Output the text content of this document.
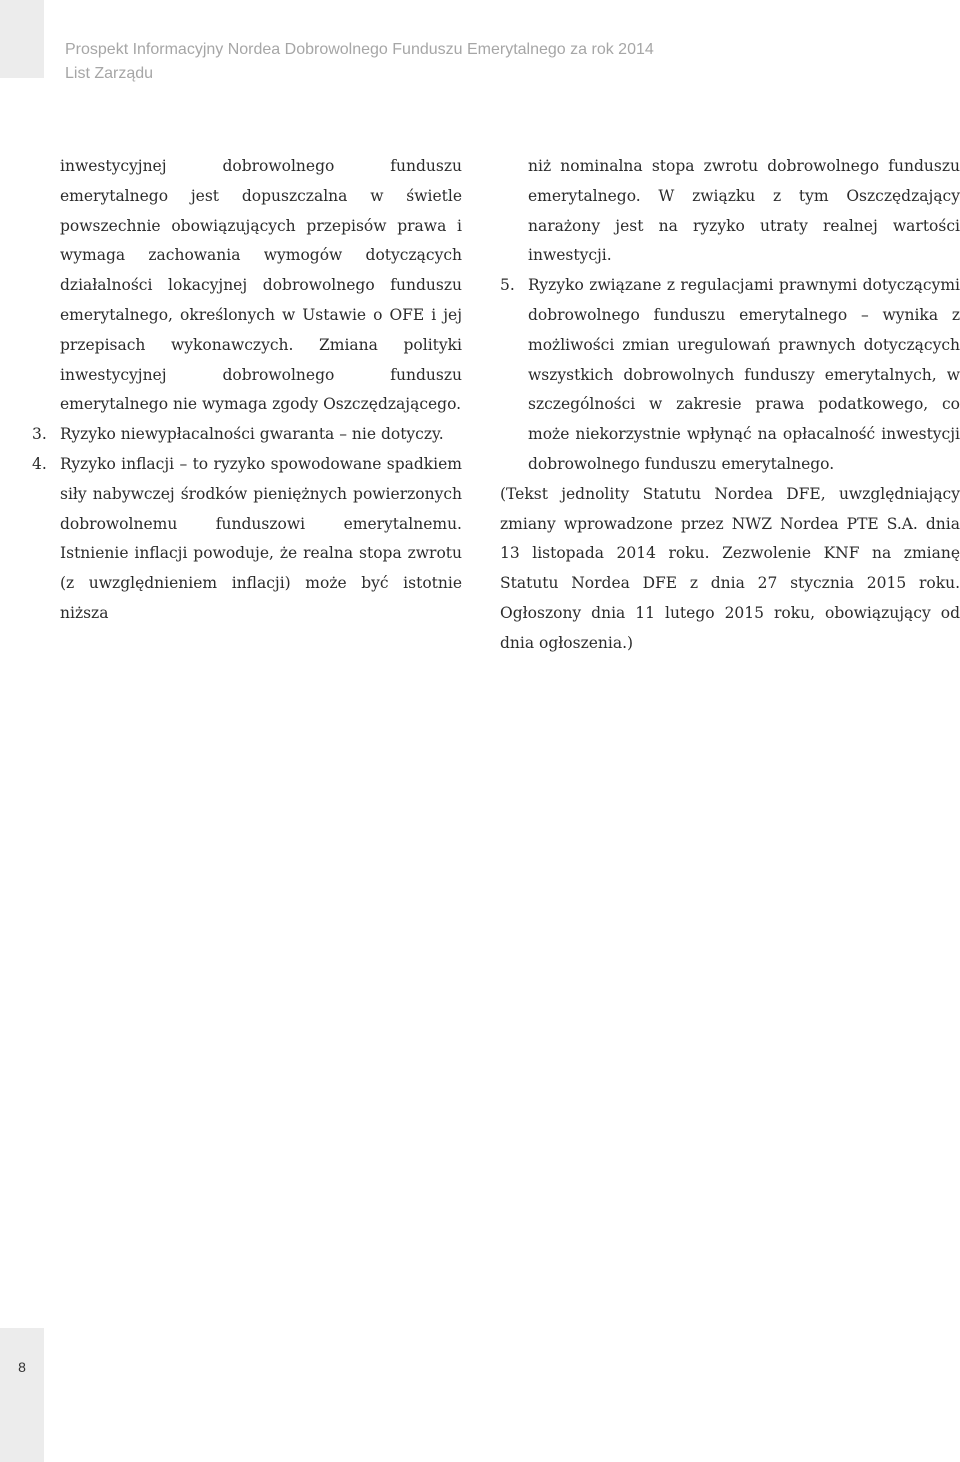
8
Prospekt Informacyjny Nordea Dobrowolnego Funduszu Emerytalnego za rok 2014
List Zarządu

inwestycyjnej dobrowolnego funduszu emerytalnego jest dopuszczalna w świetle powszechnie obowiązujących przepisów prawa i wymaga zachowania wymogów dotyczących działalności lokacyjnej dobrowolnego funduszu emerytalnego, określonych w Ustawie o OFE i jej przepisach wykonawczych. Zmiana polityki inwestycyjnej dobrowolnego funduszu emerytalnego nie wymaga zgody Oszczędzającego.

3. Ryzyko niewypłacalności gwaranta – nie dotyczy.
4. Ryzyko inflacji – to ryzyko spowodowane spadkiem siły nabywczej środków pieniężnych powierzonych dobrowolnemu funduszowi emerytalnemu. Istnienie inflacji powoduje, że realna stopa zwrotu (z uwzględnieniem inflacji) może być istotnie niższa

niż nominalna stopa zwrotu dobrowolnego funduszu emerytalnego. W związku z tym Oszczędzający narażony jest na ryzyko utraty realnej wartości inwestycji.

5. Ryzyko związane z regulacjami prawnymi dotyczącymi dobrowolnego funduszu emerytalnego – wynika z możliwości zmian uregulowań prawnych dotyczących wszystkich dobrowolnych funduszy emerytalnych, w szczególności w zakresie prawa podatkowego, co może niekorzystnie wpłynąć na opłacalność inwestycji dobrowolnego funduszu emerytalnego.

(Tekst jednolity Statutu Nordea DFE, uwzględniający zmiany wprowadzone przez NWZ Nordea PTE S.A. dnia 13 listopada 2014 roku. Zezwolenie KNF na zmianę Statutu Nordea DFE z dnia 27 stycznia 2015 roku. Ogłoszony dnia 11 lutego 2015 roku, obowiązujący od dnia ogłoszenia.)
